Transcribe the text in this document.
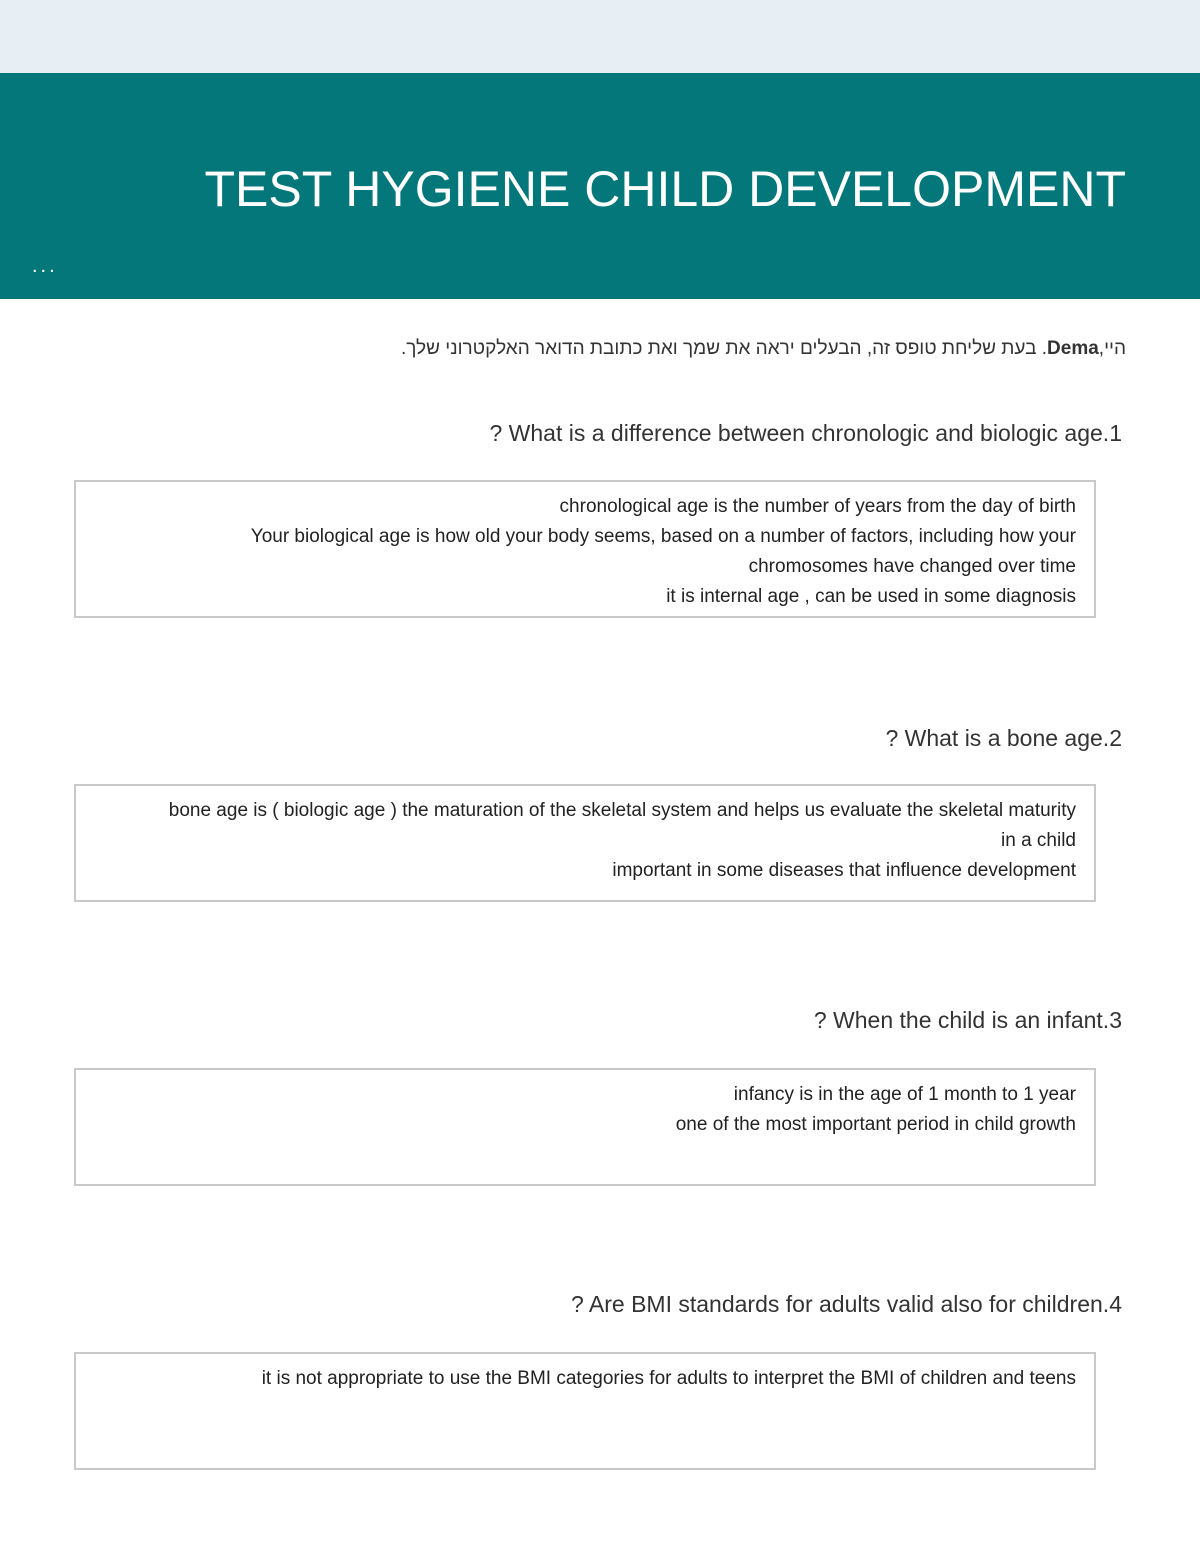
TEST HYGIENE CHILD DEVELOPMENT
...
היי,Dema. בעת שליחת טופס זה, הבעלים יראה את שמך ואת כתובת הדואר האלקטרוני שלך.
? What is a difference between chronologic and biologic age.1
chronological age is the number of years from the day of birth
Your biological age is how old your body seems, based on a number of factors, including how your
chromosomes have changed over time
it is internal age , can be used in some diagnosis
? What is a bone age.2
bone age is ( biologic age ) the maturation of the skeletal system and helps us evaluate the skeletal maturity
in a child
important in some diseases that influence development
? When the child is an infant.3
infancy is in the age of 1 month to 1 year
one of the most important period in child growth
? Are BMI standards for adults valid also for children.4
it is not appropriate to use the BMI categories for adults to interpret the BMI of children and teens
